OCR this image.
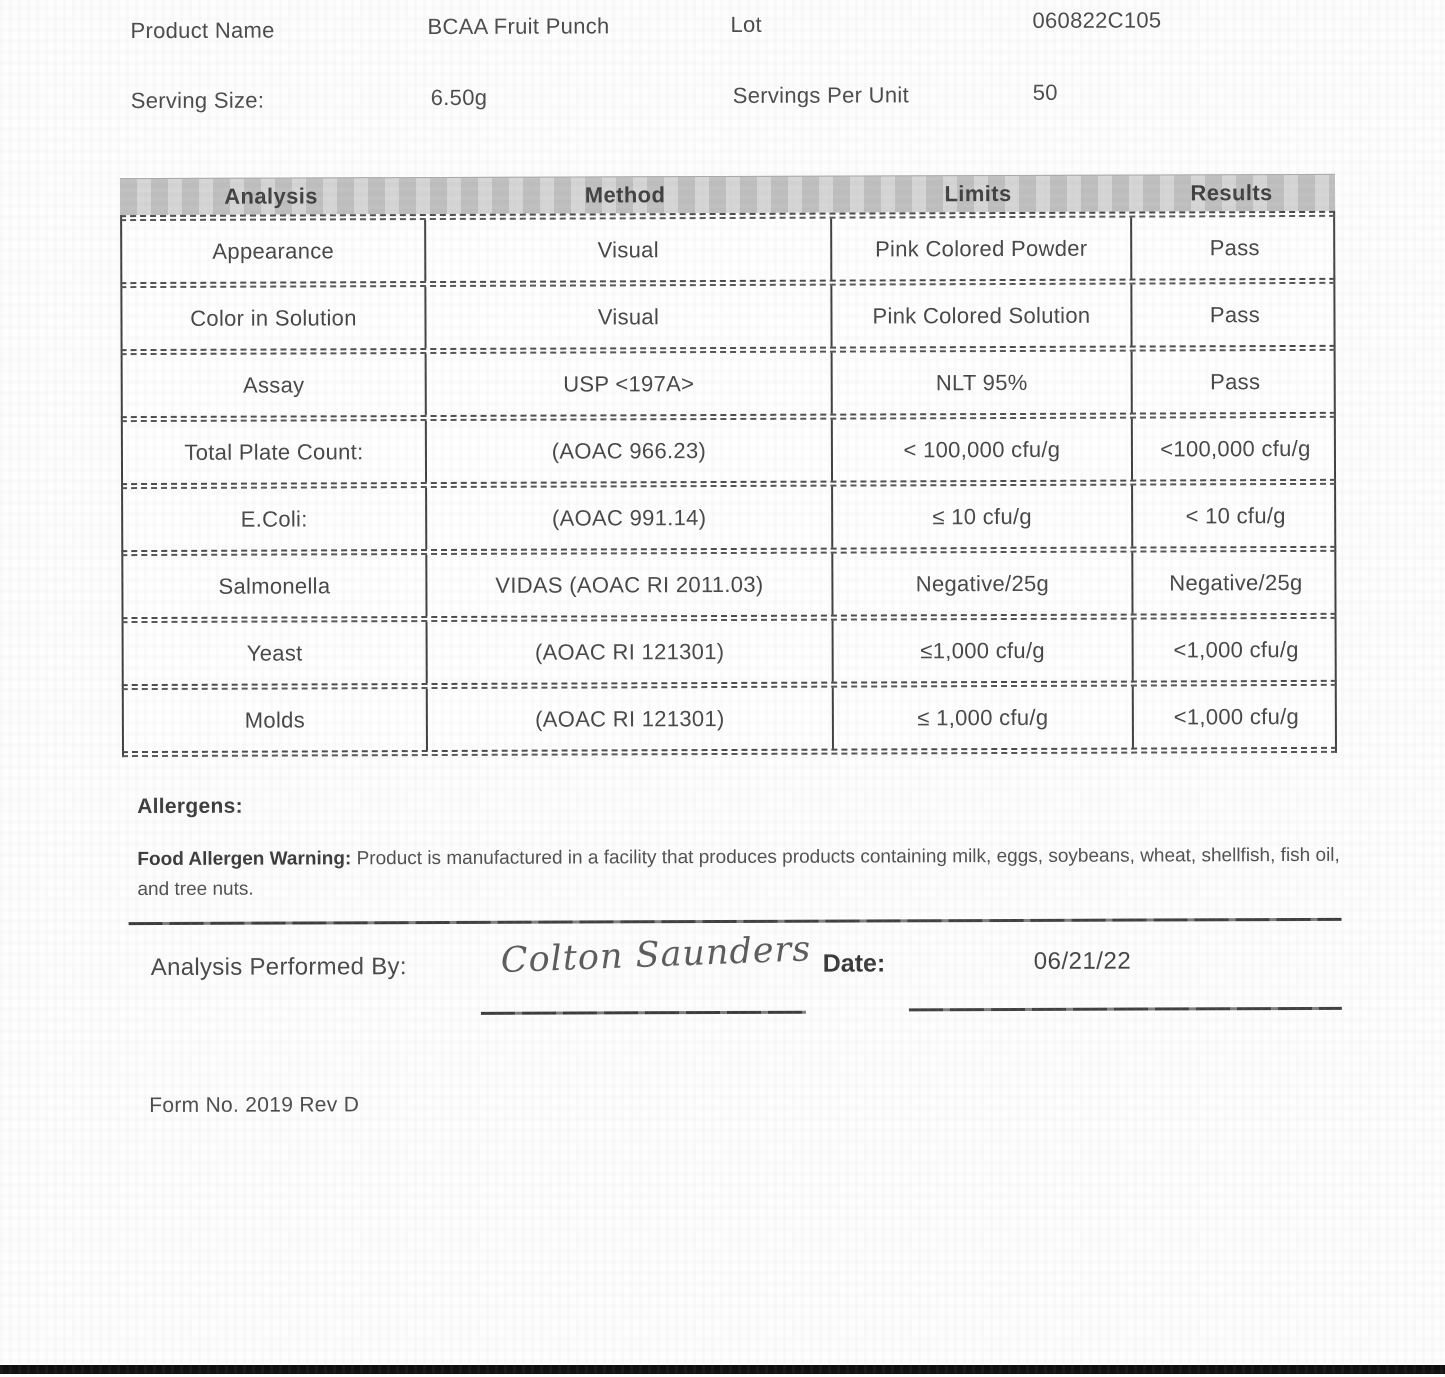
Product Name	BCAA Fruit Punch	Lot	060822C105
Serving Size:	6.50g	Servings Per Unit	50
Analysis	Method	Limits	Results
Appearance	Visual	Pink Colored Powder	Pass
Color in Solution	Visual	Pink Colored Solution	Pass
Assay	USP <197A>	NLT 95%	Pass
Total Plate Count:	(AOAC 966.23)	< 100,000 cfu/g	<100,000 cfu/g
E.Coli:	(AOAC 991.14)	≤ 10 cfu/g	< 10 cfu/g
Salmonella	VIDAS (AOAC RI 2011.03)	Negative/25g	Negative/25g
Yeast	(AOAC RI 121301)	≤1,000 cfu/g	<1,000 cfu/g
Molds	(AOAC RI 121301)	≤ 1,000 cfu/g	<1,000 cfu/g
Allergens:

Food Allergen Warning: Product is manufactured in a facility that produces products containing milk, eggs, soybeans, wheat, shellfish, fish oil, and tree nuts.

Analysis Performed By:	Colton Saunders Date:	06/21/22
Form No. 2019 Rev D
